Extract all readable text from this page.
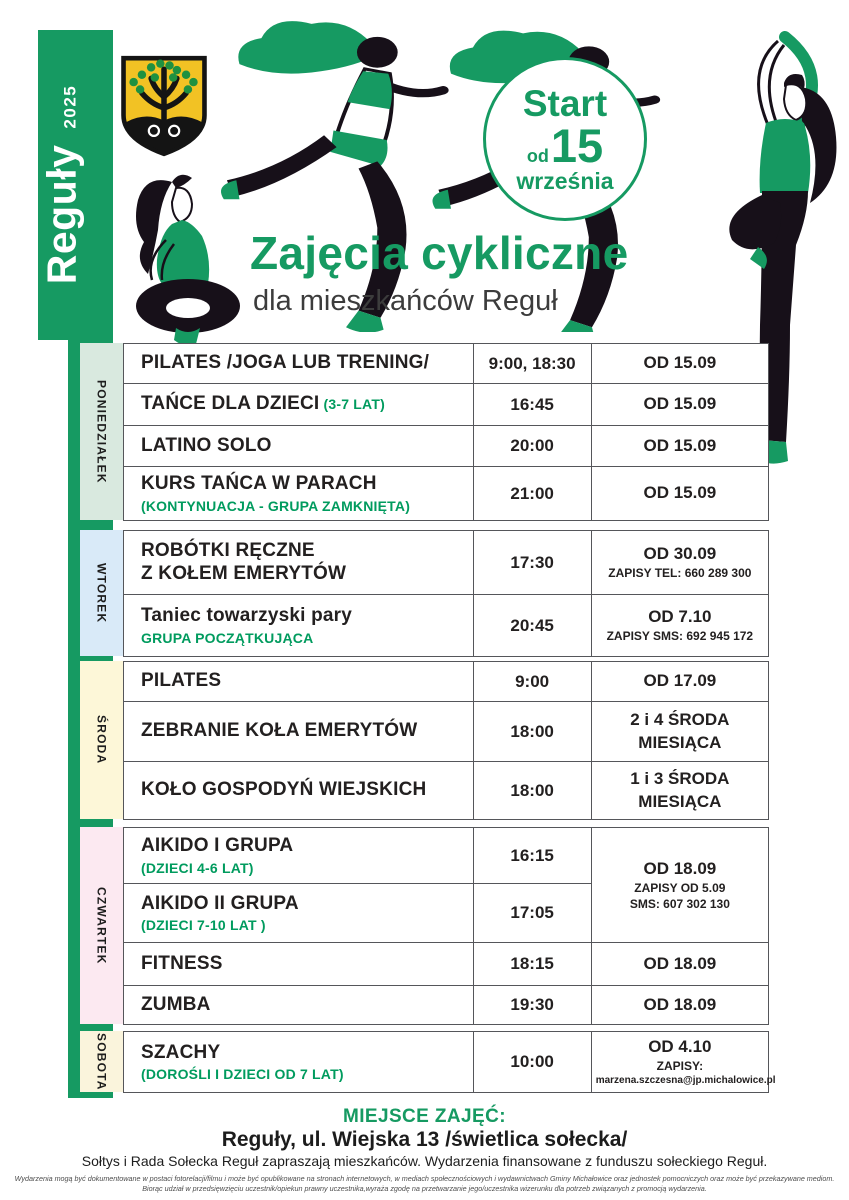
Reguły
2025	Start
od 15
września
Zajęcia cykliczne
dla mieszkańców Reguł
PONIEDZIAŁEK
PILATES /JOGA LUB TRENING/	9:00, 18:30	OD 15.09

TAŃCE DLA DZIECI (3-7 LAT)	16:45	OD 15.09

LATINO SOLO	20:00	OD 15.09

KURS TAŃCA W PARACH
(KONTYNUACJA - GRUPA ZAMKNIĘTA)	21:00	OD 15.09
WTOREK
ROBÓTKI RĘCZNE
Z KOŁEM EMERYTÓW
	17:30	OD 30.09
ZAPISY TEL: 660 289 300

Taniec towarzyski pary
GRUPA POCZĄTKUJĄCA
	20:45	OD 7.10
ZAPISY SMS: 692 945 172
ŚRODA
PILATES	9:00	OD 17.09

ZEBRANIE KOŁA EMERYTÓW	18:00	2 i 4 ŚRODA
MIESIĄCA

KOŁO GOSPODYŃ WIEJSKICH	18:00	1 i 3 ŚRODA
MIESIĄCA
CZWARTEK
AIKIDO I GRUPA
(DZIECI 4-6 LAT)
	16:15	
OD 18.09
ZAPISY OD 5.09
SMS: 607 302 130

AIKIDO II GRUPA
(DZIECI 7-10 LAT )	17:05	

FITNESS	18:15	OD 18.09

ZUMBA	19:30	OD 18.09
SOBOTA SZACHY
(DOROŚLI I DZIECI OD 7 LAT)
	10:00	
OD 4.10
ZAPISY:
marzena.szczesna@jp.michalowice.pl
MIEJSCE ZAJĘĆ:
Reguły, ul. Wiejska 13 /świetlica sołecka/
Sołtys i Rada Sołecka Reguł zapraszają mieszkańców. Wydarzenia finansowane z funduszu sołeckiego Reguł.
Wydarzenia mogą być dokumentowane w postaci fotorelacji/filmu i może być opublikowane na stronach internetowych, w mediach społecznościowych i wydawnictwach Gminy Michałowice oraz jednostek pomocniczych oraz może być przekazywane mediom.
Biorąc udział w przedsięwzięciu uczestnik/opiekun prawny uczestnika,wyraża zgodę na przetwarzanie jego/uczestnika wizerunku dla potrzeb związanych z promocją wydarzenia.
